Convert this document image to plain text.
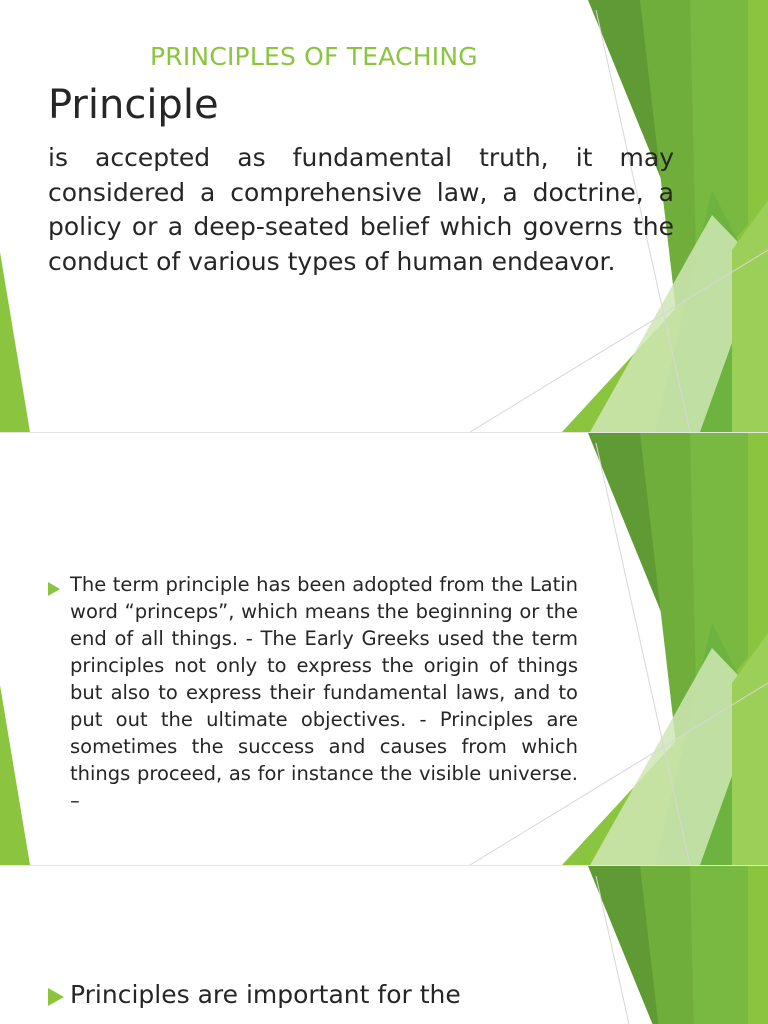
PRINCIPLES OF TEACHING
Principle

is accepted as fundamental truth, it may considered a comprehensive law, a doctrine, a policy or a deep-seated belief which governs the conduct of various types of human endeavor.

The term principle has been adopted from the Latin word “princeps”, which means the beginning or the end of all things. - The Early Greeks used the term principles not only to express the origin of things but also to express their fundamental laws, and to put out the ultimate objectives. - Principles are sometimes the success and causes from which things proceed, as for instance the visible universe. –

Principles are important for the
